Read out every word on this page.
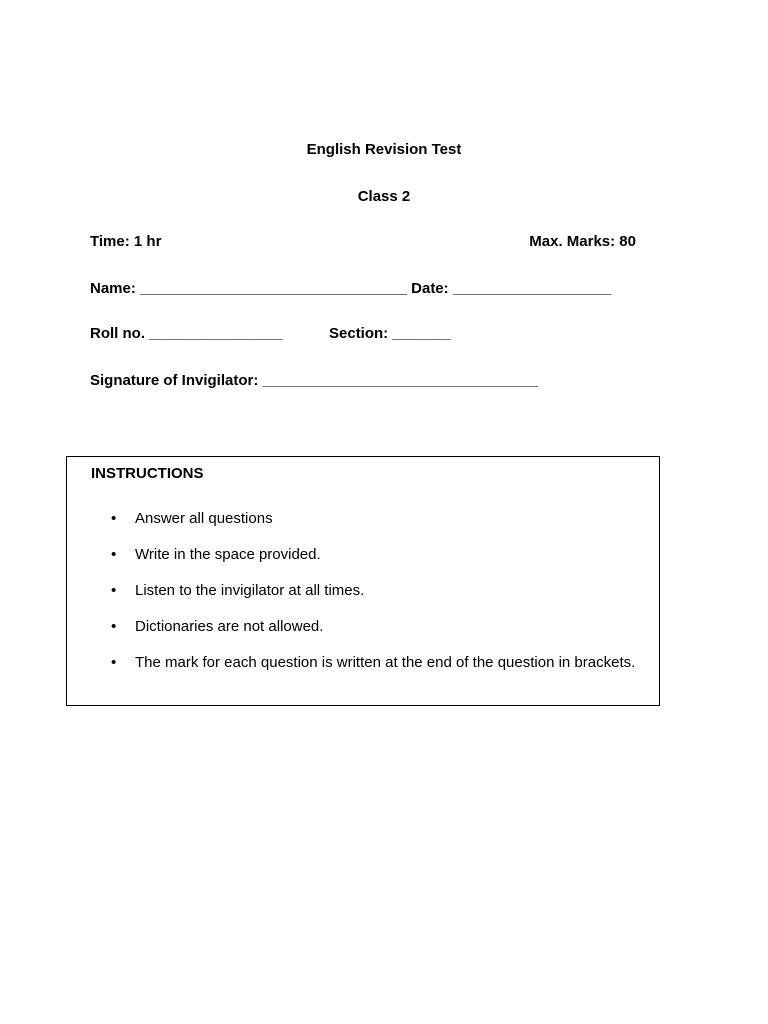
English Revision Test
Class 2
Time: 1 hr	Max. Marks: 80
Name: ________________________________ Date: ___________________
Roll no. ________________	Section: _______
Signature of Invigilator: _________________________________
INSTRUCTIONS

•

	Answer all questions

•

	Write in the space provided.

•

	Listen to the invigilator at all times.

•

	Dictionaries are not allowed.

•

	The mark for each question is written at the end of the question in brackets.
